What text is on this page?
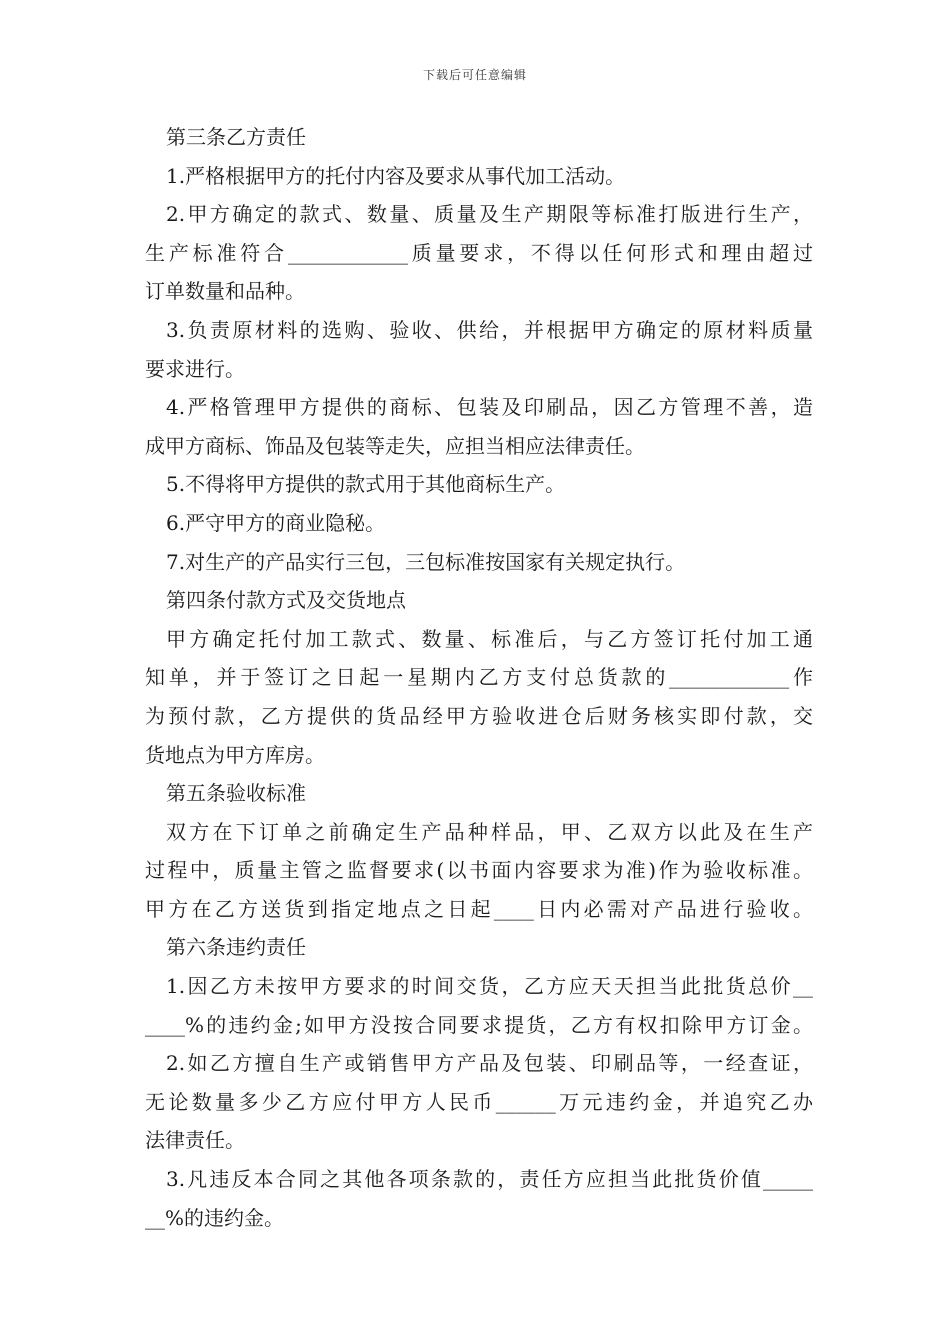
下载后可任意编辑
第三条乙方责任
1.严格根据甲方的托付内容及要求从事代加工活动。
2.甲方确定的款式、数量、质量及生产期限等标准打版进行生产，
生产标准符合____________质量要求，不得以任何形式和理由超过
订单数量和品种。
3.负责原材料的选购、验收、供给，并根据甲方确定的原材料质量
要求进行。
4.严格管理甲方提供的商标、包装及印刷品，因乙方管理不善，造
成甲方商标、饰品及包装等走失，应担当相应法律责任。
5.不得将甲方提供的款式用于其他商标生产。
6.严守甲方的商业隐秘。
7.对生产的产品实行三包，三包标准按国家有关规定执行。
第四条付款方式及交货地点
甲方确定托付加工款式、数量、标准后，与乙方签订托付加工通
知单，并于签订之日起一星期内乙方支付总货款的____________作
为预付款，乙方提供的货品经甲方验收进仓后财务核实即付款，交
货地点为甲方库房。
第五条验收标准
双方在下订单之前确定生产品种样品，甲、乙双方以此及在生产
过程中，质量主管之监督要求(以书面内容要求为准)作为验收标准。
甲方在乙方送货到指定地点之日起____日内必需对产品进行验收。
第六条违约责任
1.因乙方未按甲方要求的时间交货，乙方应天天担当此批货总价__
____%的违约金;如甲方没按合同要求提货，乙方有权扣除甲方订金。
2.如乙方擅自生产或销售甲方产品及包装、印刷品等，一经查证，
无论数量多少乙方应付甲方人民币______万元违约金，并追究乙办
法律责任。
3.凡违反本合同之其他各项条款的，责任方应担当此批货价值_____
__%的违约金。
